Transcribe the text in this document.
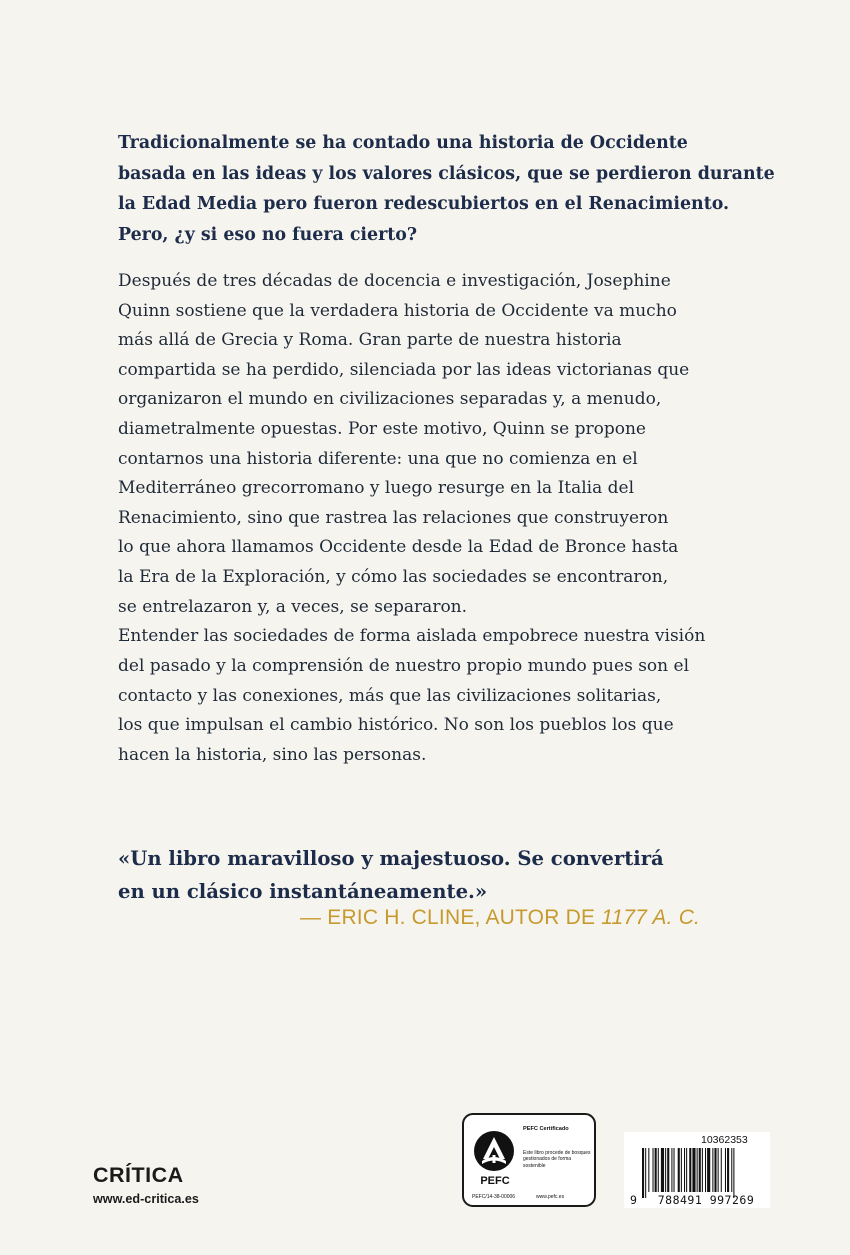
Tradicionalmente se ha contado una historia de Occidente
basada en las ideas y los valores clásicos, que se perdieron durante
la Edad Media pero fueron redescubiertos en el Renacimiento.
Pero, ¿y si eso no fuera cierto?

Después de tres décadas de docencia e investigación, Josephine
Quinn sostiene que la verdadera historia de Occidente va mucho
más allá de Grecia y Roma. Gran parte de nuestra historia
compartida se ha perdido, silenciada por las ideas victorianas que
organizaron el mundo en civilizaciones separadas y, a menudo,
diametralmente opuestas. Por este motivo, Quinn se propone
contarnos una historia diferente: una que no comienza en el
Mediterráneo grecorromano y luego resurge en la Italia del
Renacimiento, sino que rastrea las relaciones que construyeron
lo que ahora llamamos Occidente desde la Edad de Bronce hasta
la Era de la Exploración, y cómo las sociedades se encontraron,
se entrelazaron y, a veces, se separaron.

Entender las sociedades de forma aislada empobrece nuestra visión
del pasado y la comprensión de nuestro propio mundo pues son el
contacto y las conexiones, más que las civilizaciones solitarias,
los que impulsan el cambio histórico. No son los pueblos los que
hacen la historia, sino las personas.

«Un libro maravilloso y majestuoso. Se convertirá
en un clásico instantáneamente.»

— ERIC H. CLINE, AUTOR DE 1177 A. C.

CRÍTICA
www.ed-critica.es
PEFC
PEFC Certificado
Este libro procede de bosques gestionados de forma sostenible
PEFC/14-38-00006	www.pefc.es
10362353
9	788491 997269
